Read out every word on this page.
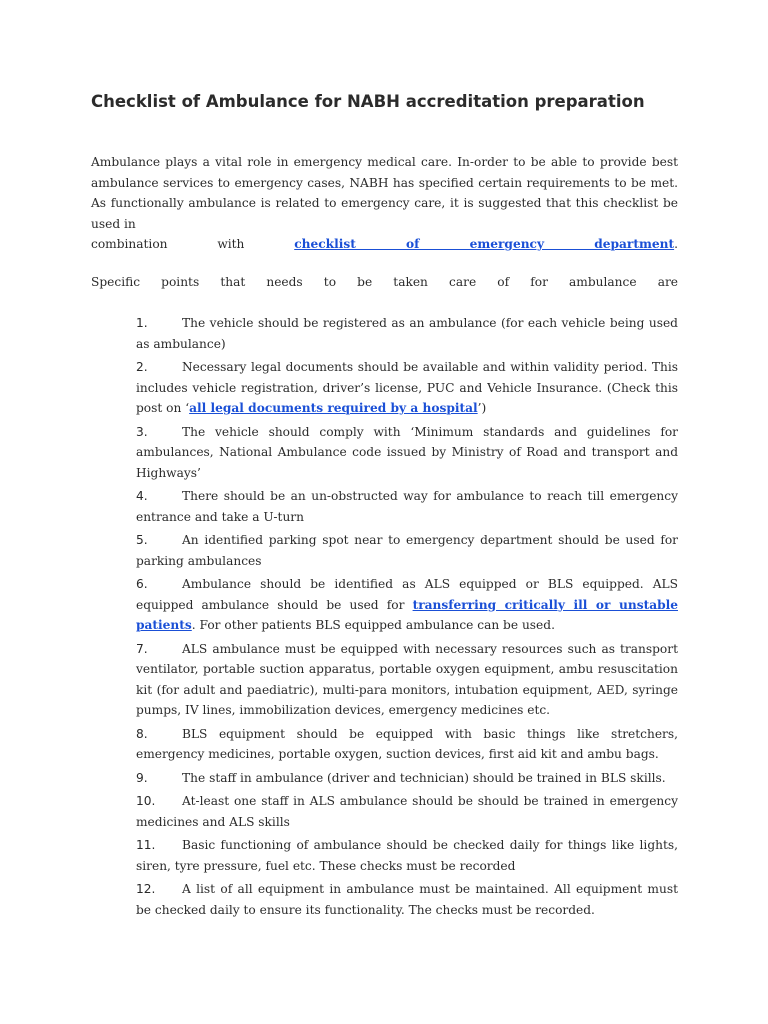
Checklist of Ambulance for NABH accreditation preparation

Ambulance plays a vital role in emergency medical care. In-order to be able to provide best ambulance services to emergency cases, NABH has specified certain requirements to be met. As functionally ambulance is related to emergency care, it is suggested that this checklist be used in
combination with checklist of emergency department.

Specific points that needs to be taken care of for ambulance are

1.	The vehicle should be registered as an ambulance (for each vehicle being used as ambulance)
2.	Necessary legal documents should be available and within validity period. This includes vehicle registration, driver’s license, PUC and Vehicle Insurance. (Check this post on ‘all legal documents required by a hospital’)
3.	The vehicle should comply with ‘Minimum standards and guidelines for ambulances, National Ambulance code issued by Ministry of Road and transport and Highways’
4.	There should be an un-obstructed way for ambulance to reach till emergency entrance and take a U-turn
5.	An identified parking spot near to emergency department should be used for parking ambulances
6.	Ambulance should be identified as ALS equipped or BLS equipped. ALS equipped ambulance should be used for transferring critically ill or unstable patients. For other patients BLS equipped ambulance can be used.
7.	ALS ambulance must be equipped with necessary resources such as transport ventilator, portable suction apparatus, portable oxygen equipment, ambu resuscitation kit (for adult and paediatric), multi-para monitors, intubation equipment, AED, syringe pumps, IV lines, immobilization devices, emergency medicines etc.
8.	BLS equipment should be equipped with basic things like stretchers, emergency medicines, portable oxygen, suction devices, first aid kit and ambu bags.
9.	The staff in ambulance (driver and technician) should be trained in BLS skills.
10. At-least one staff in ALS ambulance should be should be trained in emergency medicines and ALS skills
11. Basic functioning of ambulance should be checked daily for things like lights, siren, tyre pressure, fuel etc. These checks must be recorded
12. A list of all equipment in ambulance must be maintained. All equipment must be checked daily to ensure its functionality. The checks must be recorded.
